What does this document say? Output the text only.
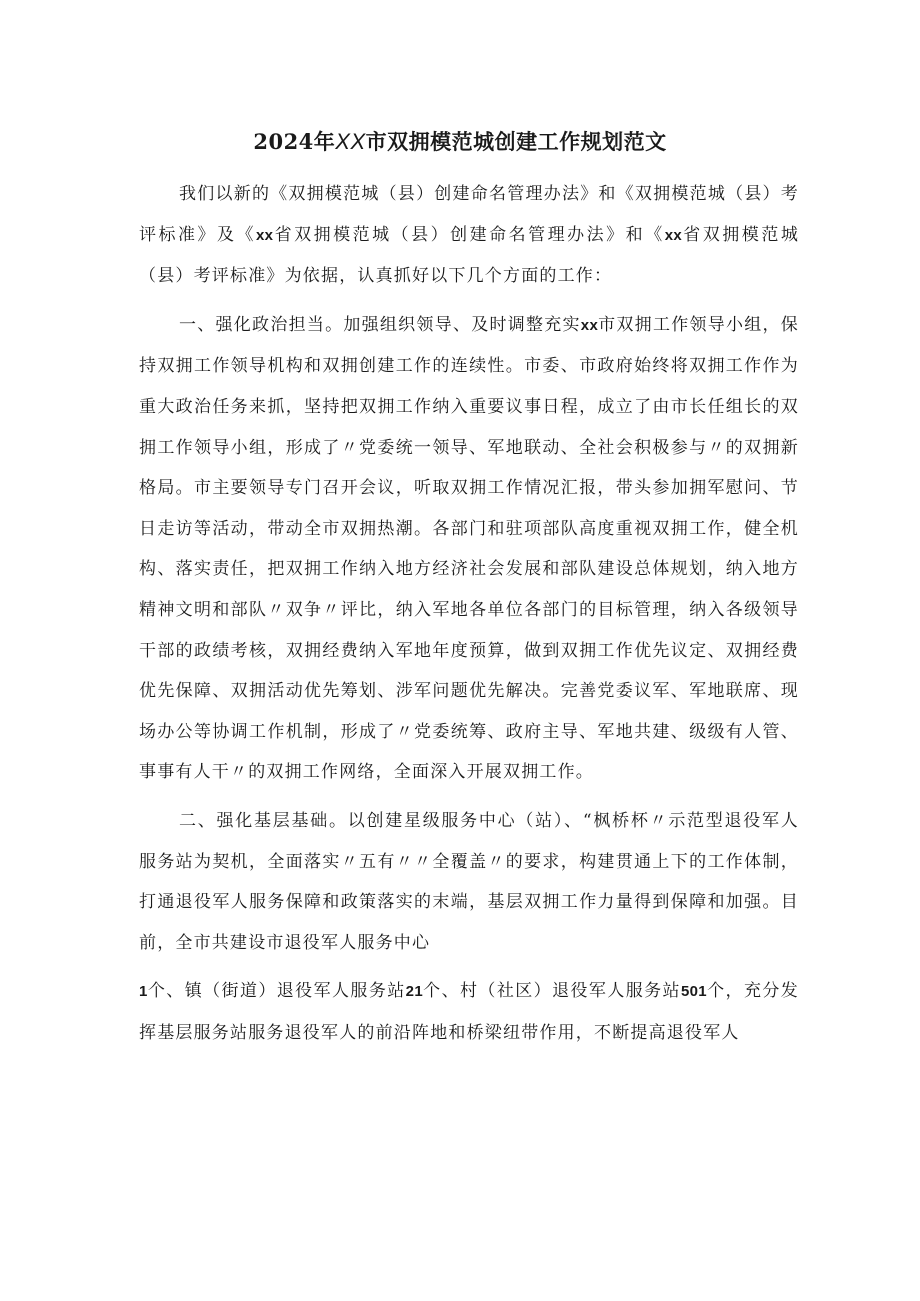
2024年XX市双拥模范城创建工作规划范文

我们以新的《双拥模范城（县）创建命名管理办法》和《双拥模范城（县）考评标准》及《xx省双拥模范城（县）创建命名管理办法》和《xx省双拥模范城（县）考评标准》为依据，认真抓好以下几个方面的工作：

一、强化政治担当。加强组织领导、及时调整充实xx市双拥工作领导小组，保持双拥工作领导机构和双拥创建工作的连续性。市委、市政府始终将双拥工作作为重大政治任务来抓，坚持把双拥工作纳入重要议事日程，成立了由市长任组长的双拥工作领导小组，形成了〃党委统一领导、军地联动、全社会积极参与〃的双拥新格局。市主要领导专门召开会议，听取双拥工作情况汇报，带头参加拥军慰问、节日走访等活动，带动全市双拥热潮。各部门和驻项部队高度重视双拥工作，健全机构、落实责任，把双拥工作纳入地方经济社会发展和部队建设总体规划，纳入地方精神文明和部队〃双争〃评比，纳入军地各单位各部门的目标管理，纳入各级领导干部的政绩考核，双拥经费纳入军地年度预算，做到双拥工作优先议定、双拥经费优先保障、双拥活动优先筹划、涉军问题优先解决。完善党委议军、军地联席、现场办公等协调工作机制，形成了〃党委统筹、政府主导、军地共建、级级有人管、事事有人干〃的双拥工作网络，全面深入开展双拥工作。

二、强化基层基础。以创建星级服务中心（站）、“枫桥杯〃示范型退役军人服务站为契机，全面落实〃五有〃〃全覆盖〃的要求，构建贯通上下的工作体制，打通退役军人服务保障和政策落实的末端，基层双拥工作力量得到保障和加强。目前，全市共建设市退役军人服务中心

1个、镇（街道）退役军人服务站21个、村（社区）退役军人服务站501个，充分发挥基层服务站服务退役军人的前沿阵地和桥梁纽带作用，不断提高退役军人
